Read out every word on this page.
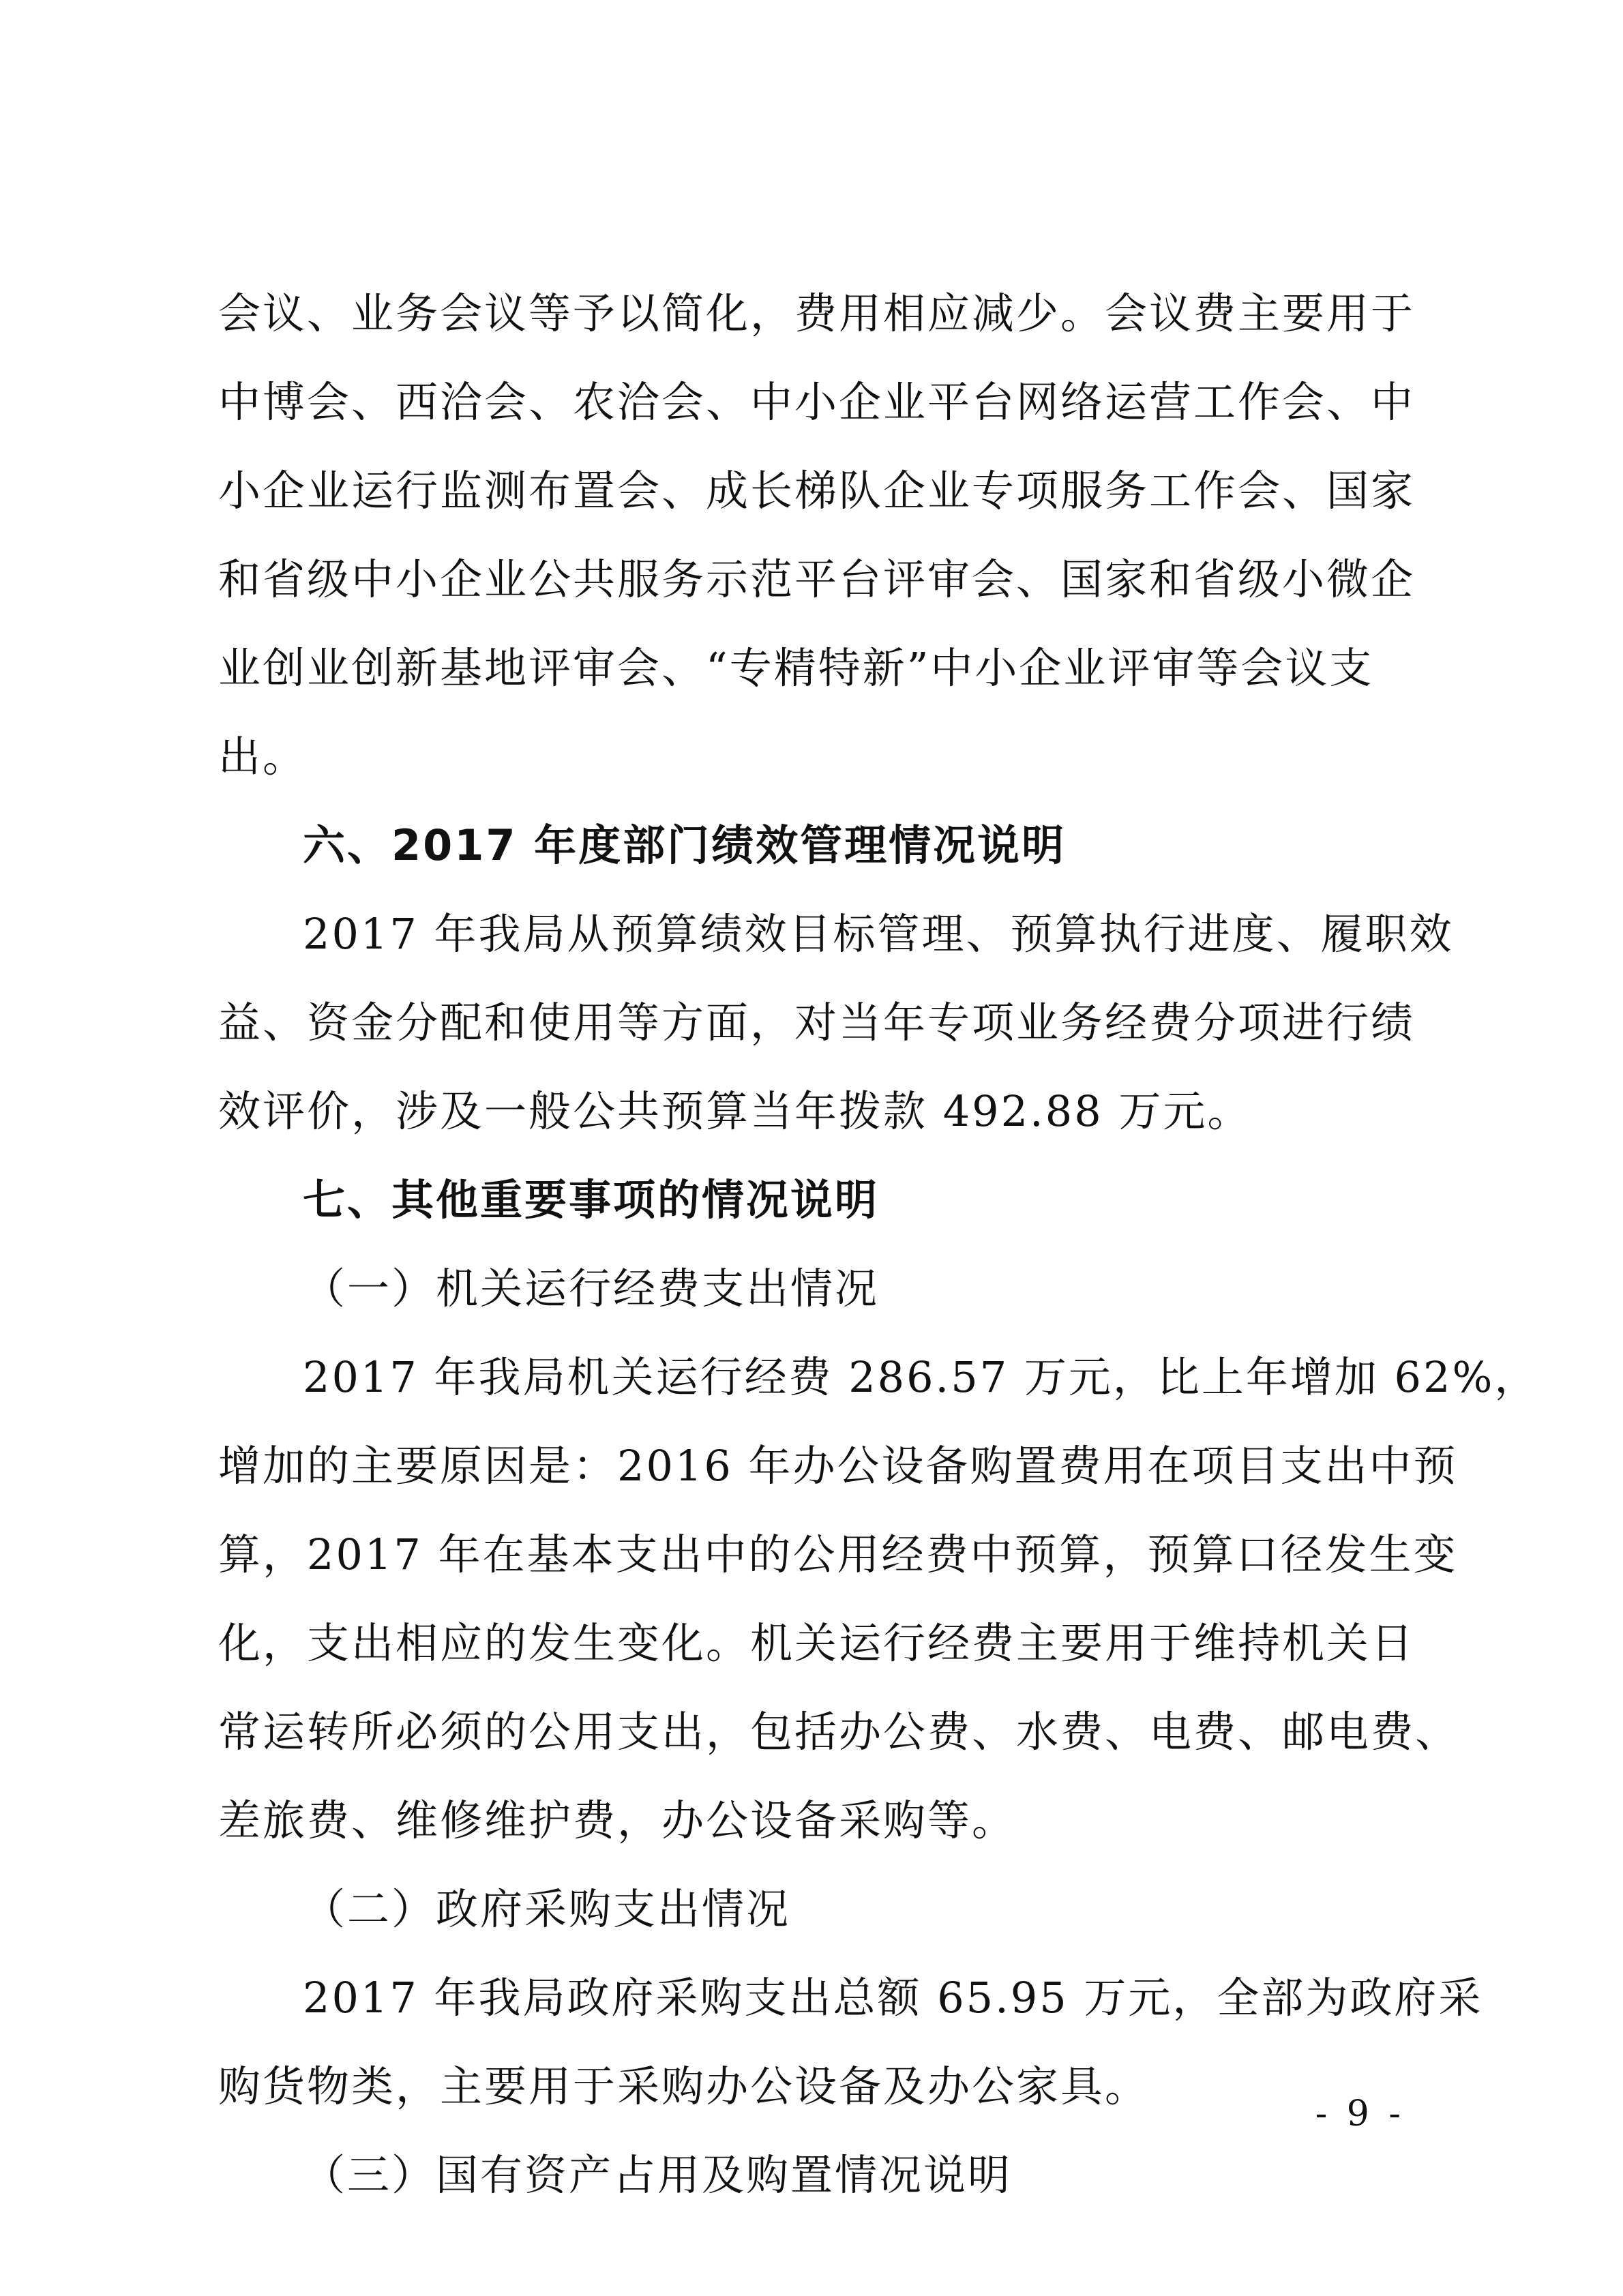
会议、业务会议等予以简化，费用相应减少。会议费主要用于
中博会、西洽会、农洽会、中小企业平台网络运营工作会、中
小企业运行监测布置会、成长梯队企业专项服务工作会、国家
和省级中小企业公共服务示范平台评审会、国家和省级小微企
业创业创新基地评审会、“专精特新”中小企业评审等会议支
出。
六、2017 年度部门绩效管理情况说明
2017 年我局从预算绩效目标管理、预算执行进度、履职效
益、资金分配和使用等方面，对当年专项业务经费分项进行绩
效评价，涉及一般公共预算当年拨款 492.88 万元。
七、其他重要事项的情况说明
（一）机关运行经费支出情况
2017 年我局机关运行经费 286.57 万元，比上年增加 62%，
增加的主要原因是：2016 年办公设备购置费用在项目支出中预
算，2017 年在基本支出中的公用经费中预算，预算口径发生变
化，支出相应的发生变化。机关运行经费主要用于维持机关日
常运转所必须的公用支出，包括办公费、水费、电费、邮电费、
差旅费、维修维护费，办公设备采购等。
（二）政府采购支出情况
2017 年我局政府采购支出总额 65.95 万元，全部为政府采
购货物类，主要用于采购办公设备及办公家具。
（三）国有资产占用及购置情况说明
- 9 -
